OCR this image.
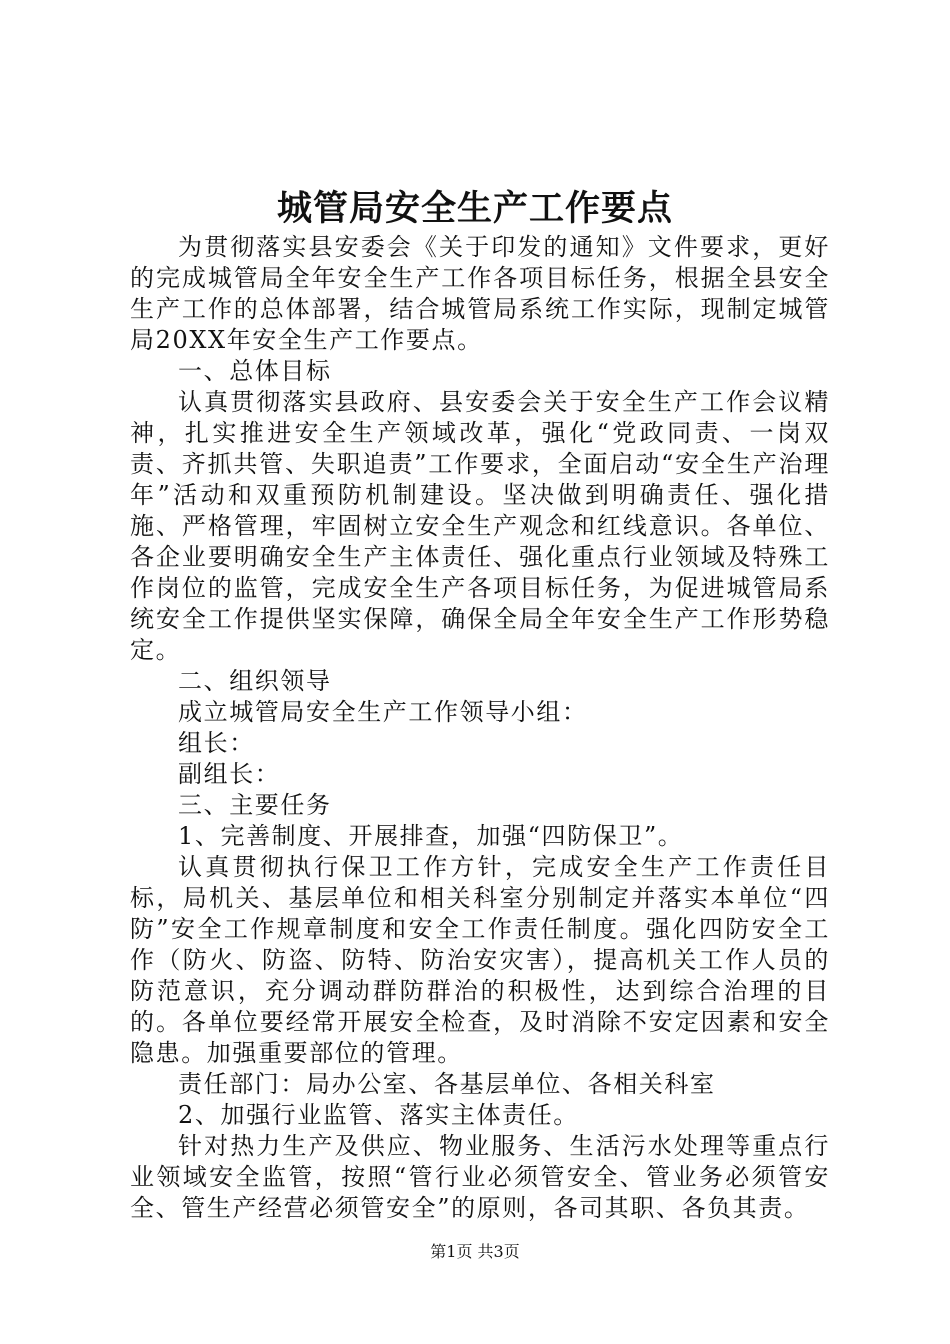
城管局安全生产工作要点

为贯彻落实县安委会《关于印发的通知》文件要求，更好的完成城管局全年安全生产工作各项目标任务，根据全县安全生产工作的总体部署，结合城管局系统工作实际，现制定城管局20XX年安全生产工作要点。

一、总体目标

认真贯彻落实县政府、县安委会关于安全生产工作会议精神，扎实推进安全生产领域改革，强化“党政同责、一岗双责、齐抓共管、失职追责”工作要求，全面启动“安全生产治理年”活动和双重预防机制建设。坚决做到明确责任、强化措施、严格管理，牢固树立安全生产观念和红线意识。各单位、各企业要明确安全生产主体责任、强化重点行业领域及特殊工作岗位的监管，完成安全生产各项目标任务，为促进城管局系统安全工作提供坚实保障，确保全局全年安全生产工作形势稳定。

二、组织领导

成立城管局安全生产工作领导小组：

组长：

副组长：

三、主要任务

1、完善制度、开展排查，加强“四防保卫”。

认真贯彻执行保卫工作方针，完成安全生产工作责任目标，局机关、基层单位和相关科室分别制定并落实本单位“四防”安全工作规章制度和安全工作责任制度。强化四防安全工作（防火、防盗、防特、防治安灾害），提高机关工作人员的防范意识，充分调动群防群治的积极性，达到综合治理的目的。各单位要经常开展安全检查，及时消除不安定因素和安全隐患。加强重要部位的管理。

责任部门：局办公室、各基层单位、各相关科室

2、加强行业监管、落实主体责任。

针对热力生产及供应、物业服务、生活污水处理等重点行业领域安全监管，按照“管行业必须管安全、管业务必须管安全、管生产经营必须管安全”的原则，各司其职、各负其责。

第1页 共3页
